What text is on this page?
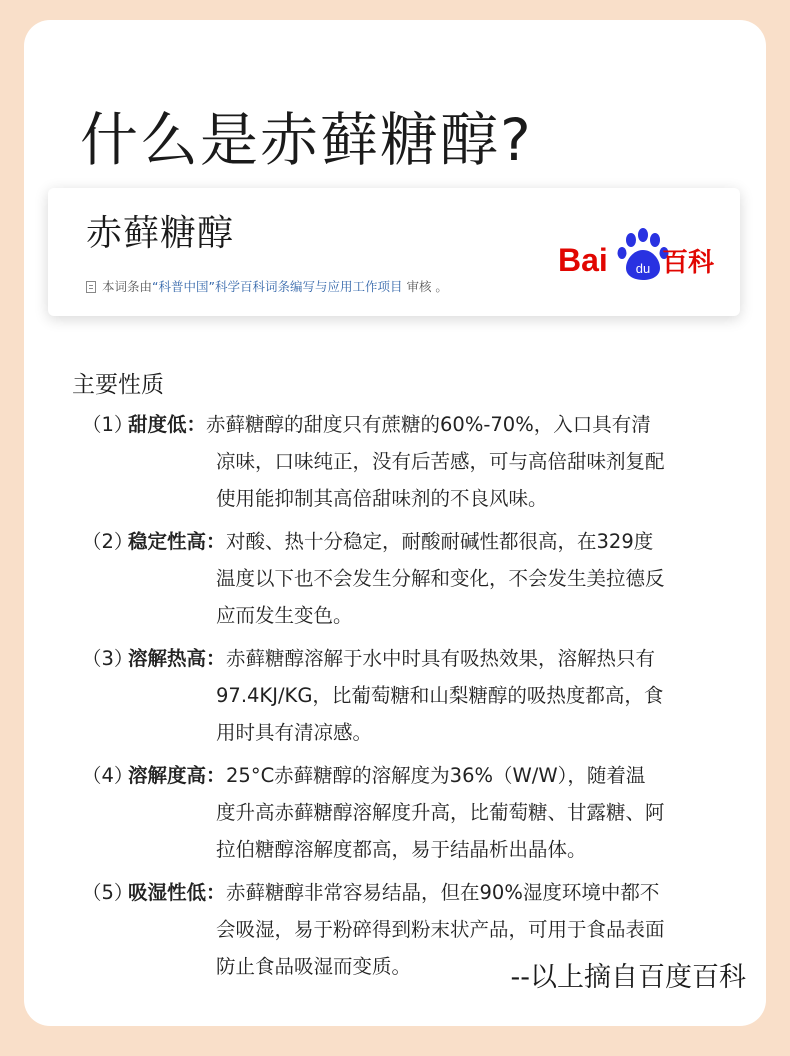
什么是赤藓糖醇?
赤藓糖醇
本词条由“科普中国”科学百科词条编写与应用工作项目 审核 。
Bai du 百科
主要性质
（1）
甜度低： 赤藓糖醇的甜度只有蔗糖的60%-70%，入口具有清
凉味，口味纯正，没有后苦感，可与高倍甜味剂复配
使用能抑制其高倍甜味剂的不良风味。
（2）
稳定性高： 对酸、热十分稳定，耐酸耐碱性都很高，在329度
温度以下也不会发生分解和变化，不会发生美拉德反
应而发生变色。
（3）
溶解热高： 赤藓糖醇溶解于水中时具有吸热效果，溶解热只有
97.4KJ/KG，比葡萄糖和山梨糖醇的吸热度都高，食
用时具有清凉感。
（4）
溶解度高： 25°C赤藓糖醇的溶解度为36%（W/W），随着温
度升高赤藓糖醇溶解度升高，比葡萄糖、甘露糖、阿
拉伯糖醇溶解度都高，易于结晶析出晶体。
（5）
吸湿性低： 赤藓糖醇非常容易结晶，但在90%湿度环境中都不
会吸湿，易于粉碎得到粉末状产品，可用于食品表面
防止食品吸湿而变质。	--以上摘自百度百科
